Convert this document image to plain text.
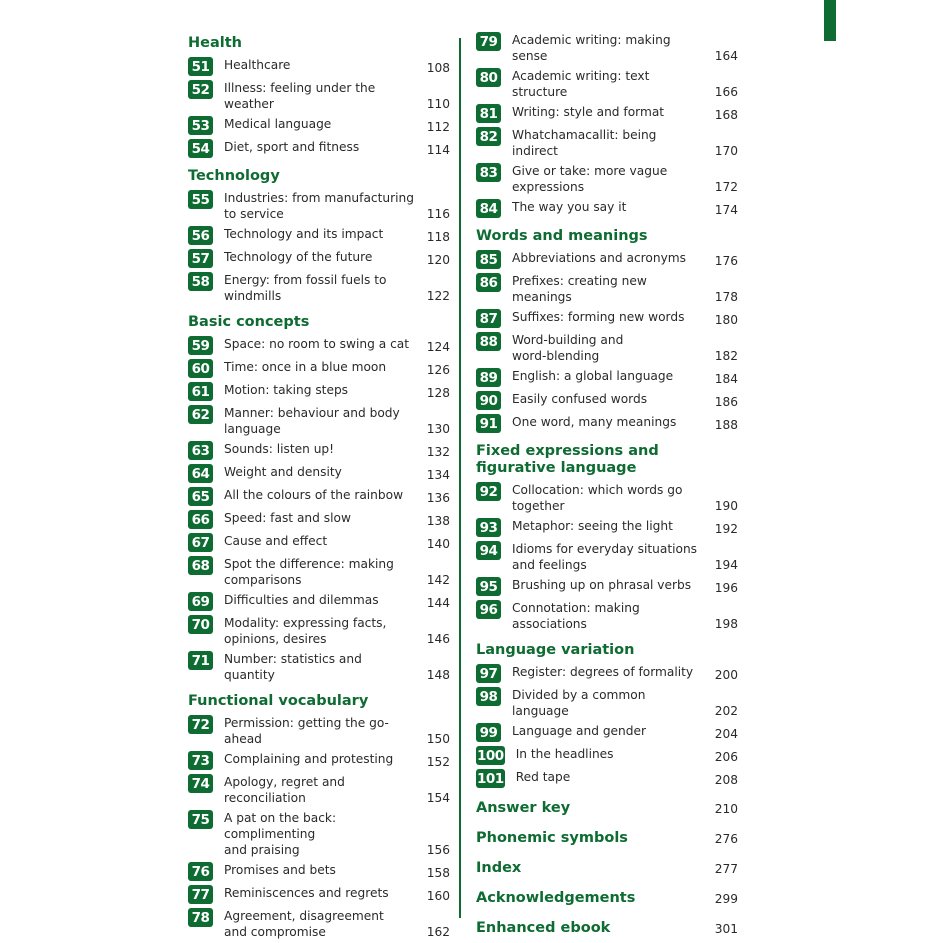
Health
51 Healthcare	108
52 Illness: feeling under the weather	110
53 Medical language	112
54 Diet, sport and fitness	114
Technology
55 Industries: from manufacturing
to service	116
56 Technology and its impact	118
57 Technology of the future	120
58 Energy: from fossil fuels to
windmills	122
Basic concepts
59 Space: no room to swing a cat	124
60 Time: once in a blue moon	126
61 Motion: taking steps	128
62 Manner: behaviour and body
language	130
63 Sounds: listen up!	132
64 Weight and density	134
65 All the colours of the rainbow	136
66 Speed: fast and slow	138
67 Cause and effect	140
68 Spot the difference: making
comparisons	142
69 Difficulties and dilemmas	144
70 Modality: expressing facts,
opinions, desires	146
71 Number: statistics and quantity	148
Functional vocabulary
72 Permission: getting the go-ahead	150
73 Complaining and protesting	152
74 Apology, regret and reconciliation	154
75 A pat on the back: complimenting
and praising	156
76 Promises and bets	158
77 Reminiscences and regrets	160
78 Agreement, disagreement
and compromise	162
79 Academic writing: making sense	164
80 Academic writing: text structure	166
81 Writing: style and format	168
82 Whatchamacallit: being indirect	170
83 Give or take: more vague
expressions	172
84 The way you say it	174
Words and meanings
85 Abbreviations and acronyms	176
86 Prefixes: creating new meanings	178
87 Suffixes: forming new words	180
88 Word-building and
word-blending	182
89 English: a global language	184
90 Easily confused words	186
91 One word, many meanings	188
Fixed expressions and figurative language
92 Collocation: which words go
together	190
93 Metaphor: seeing the light	192
94 Idioms for everyday situations
and feelings	194
95 Brushing up on phrasal verbs	196
96 Connotation: making associations	198
Language variation
97 Register: degrees of formality	200
98 Divided by a common language	202
99 Language and gender	204
100 In the headlines	206
101 Red tape	208
Answer key	210
Phonemic symbols	276
Index	277
Acknowledgements	299
Enhanced ebook	301
